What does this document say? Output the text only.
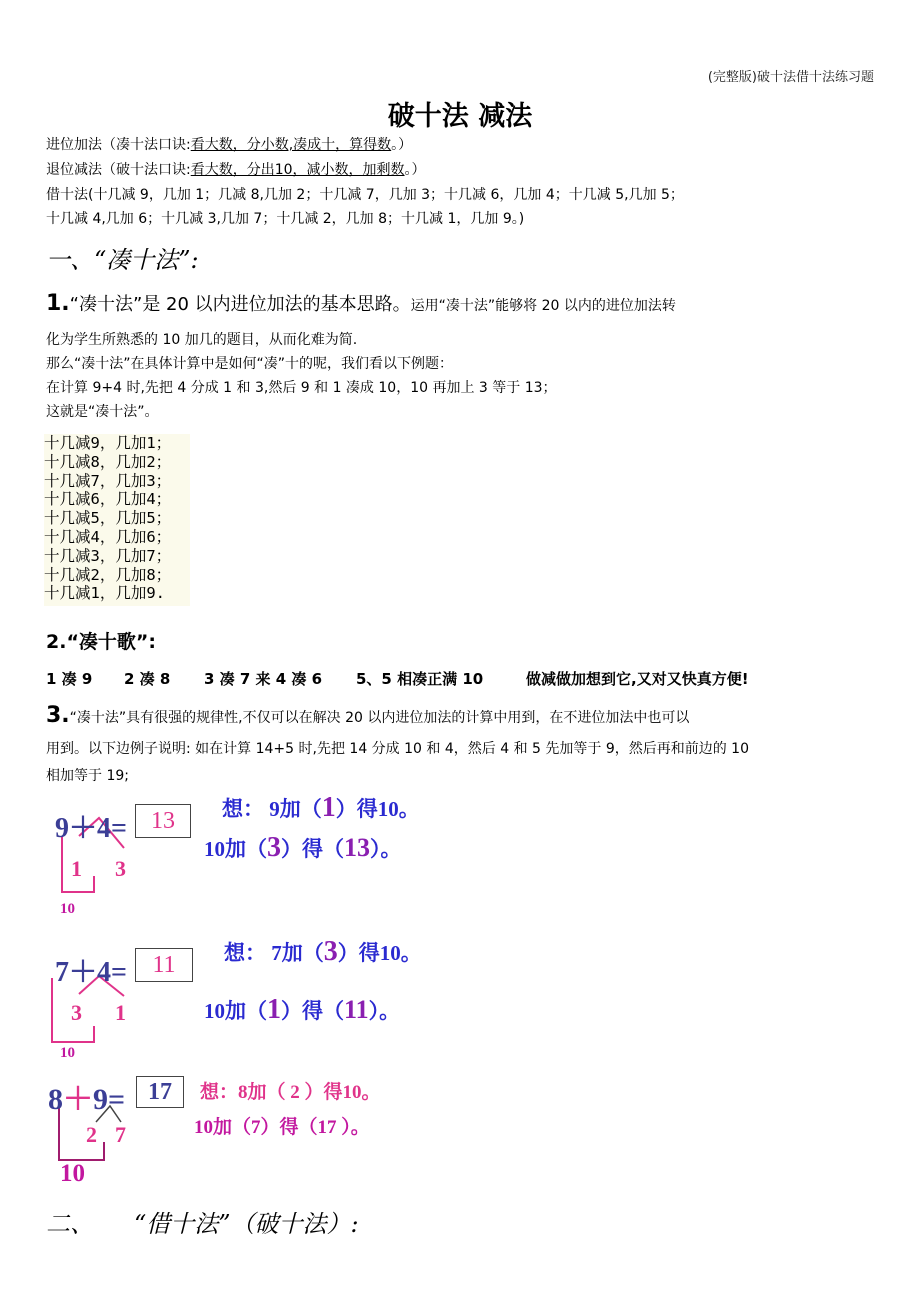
(完整版)破十法借十法练习题
破十法 减法
进位加法（凑十法口诀:看大数，分小数,凑成十，算得数。）
退位减法（破十法口诀:看大数，分出10，减小数，加剩数。）
借十法(十几减 9，几加 1；几减 8,几加 2；十几减 7，几加 3；十几减 6，几加 4；十几减 5,几加 5；
十几减 4,几加 6；十几减 3,几加 7；十几减 2，几加 8；十几减 1，几加 9。)
一、“凑十法”:
1.“凑十法”是 20 以内进位加法的基本思路。运用“凑十法”能够将 20 以内的进位加法转
化为学生所熟悉的 10 加几的题目，从而化难为简.
那么“凑十法”在具体计算中是如何“凑”十的呢，我们看以下例题：
在计算 9+4 时,先把 4 分成 1 和 3,然后 9 和 1 凑成 10，10 再加上 3 等于 13；
这就是“凑十法”。
十几减9，几加1；
十几减8，几加2；
十几减7，几加3；
十几减6，几加4；
十几减5，几加5；
十几减4，几加6；
十几减3，几加7；
十几减2，几加8；
十几减1，几加9.
2.“凑十歌”:
1 凑 9 2 凑 8 3 凑 7 来 4 凑 6 5、5 相凑正满 10	做减做加想到它,又对又快真方便!
3.“凑十法”具有很强的规律性,不仅可以在解决 20 以内进位加法的计算中用到，在不进位加法中也可以
用到。以下边例子说明: 如在计算 14+5 时,先把 14 分成 10 和 4，然后 4 和 5 先加等于 9，然后再和前边的 10
相加等于 19;
9＋4=	13
1 3
10
想： 9加（1）得10。
10加（3）得（13）。
7＋4=	11
3 1
10
想： 7加（3）得10。
10加（1）得（11）。
8＋9= 17
2 7
10
想：8加（ 2 ）得10。
10加（7）得（17 ）。
二、 “借十法”（破十法）:
